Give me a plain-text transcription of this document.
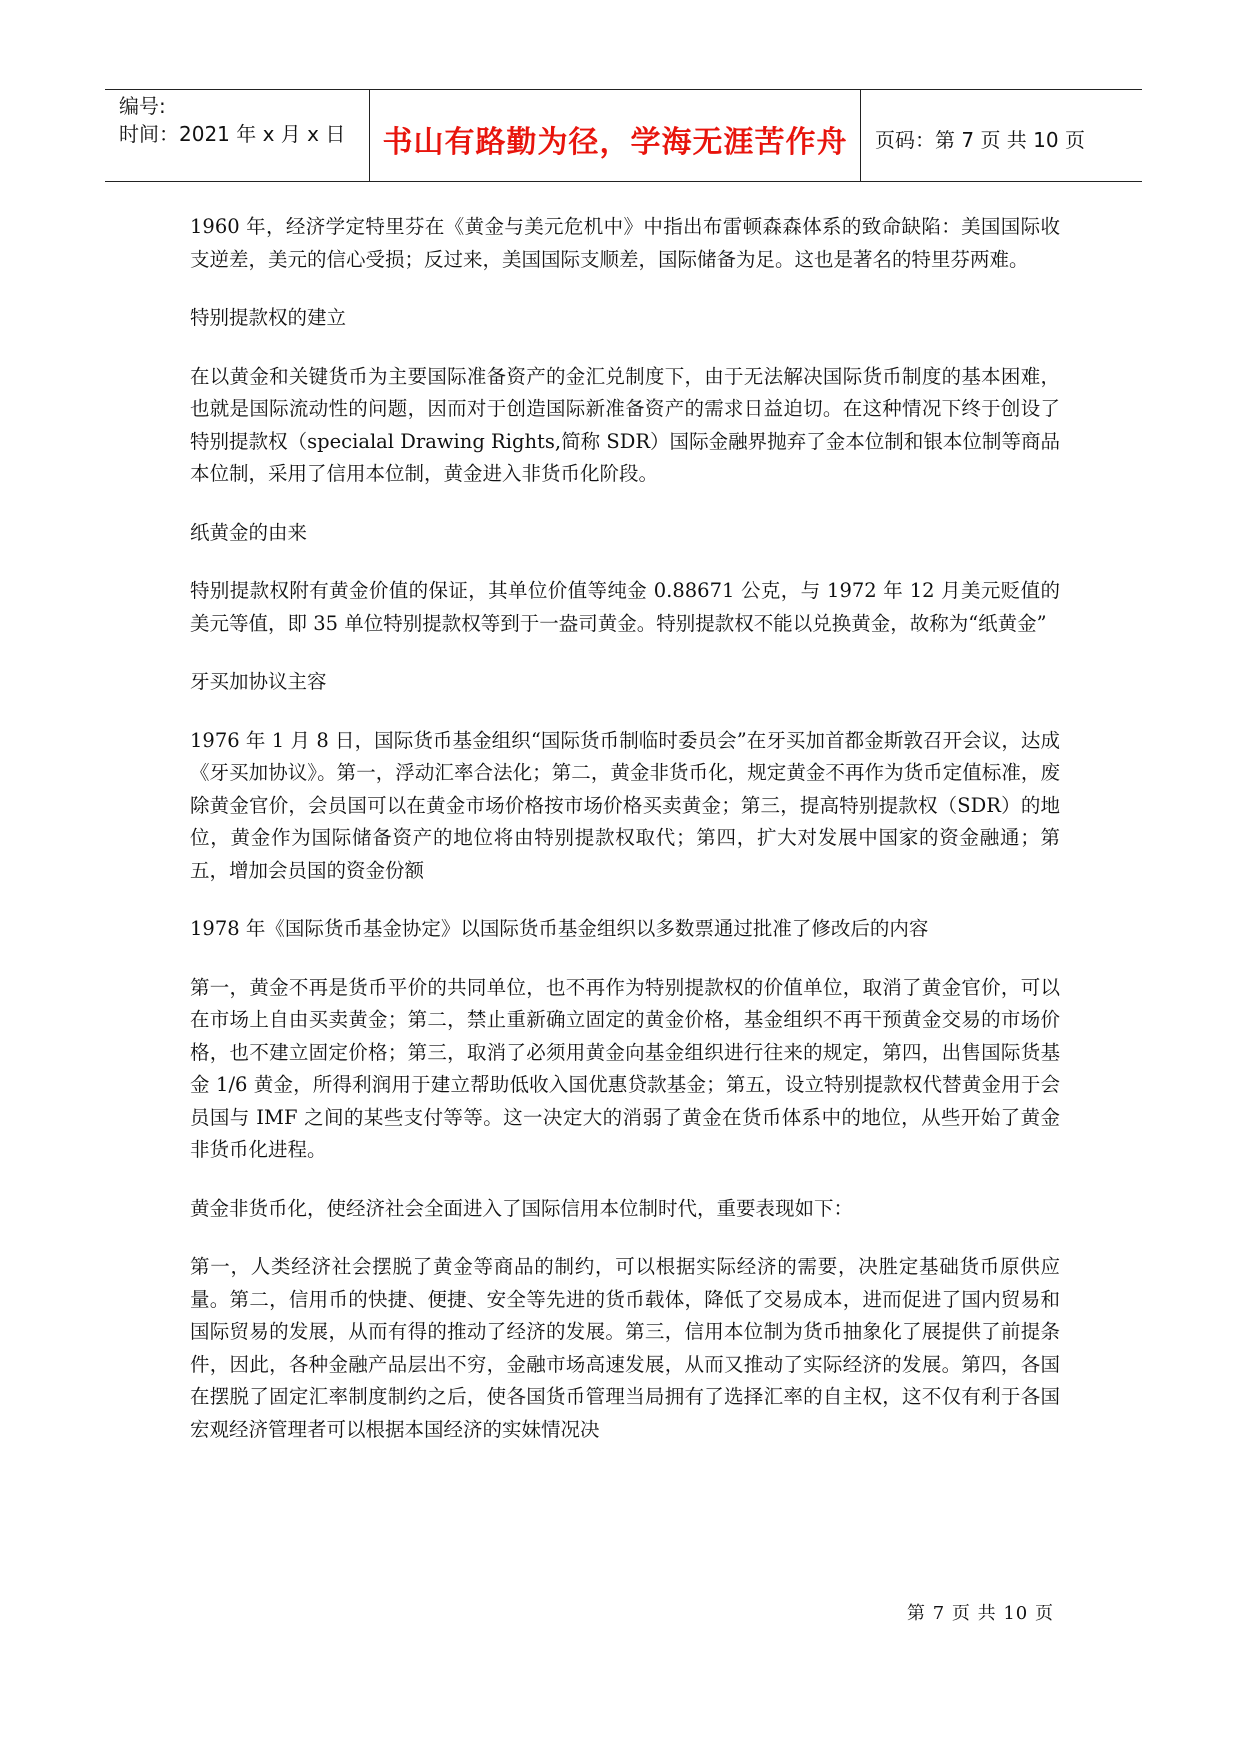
编号:
时间：2021 年 x 月 x 日	书山有路勤为径，学海无涯苦作舟 页码：第 7 页 共 10 页

1960 年，经济学定特里芬在《黄金与美元危机中》中指出布雷顿森森体系的致命缺陷：美国国际收支逆差，美元的信心受损；反过来，美国国际支顺差，国际储备为足。这也是著名的特里芬两难。

特别提款权的建立

在以黄金和关键货币为主要国际准备资产的金汇兑制度下，由于无法解决国际货币制度的基本困难，也就是国际流动性的问题，因而对于创造国际新准备资产的需求日益迫切。在这种情况下终于创设了特别提款权（specialal Drawing Rights,简称 SDR）国际金融界抛弃了金本位制和银本位制等商品本位制，采用了信用本位制，黄金进入非货币化阶段。

纸黄金的由来

特别提款权附有黄金价值的保证，其单位价值等纯金 0.88671 公克，与 1972 年 12 月美元贬值的美元等值，即 35 单位特别提款权等到于一盎司黄金。特别提款权不能以兑换黄金，故称为“纸黄金”

牙买加协议主容

1976 年 1 月 8 日，国际货币基金组织“国际货币制临时委员会”在牙买加首都金斯敦召开会议，达成《牙买加协议》。第一，浮动汇率合法化；第二，黄金非货币化，规定黄金不再作为货币定值标准，废除黄金官价，会员国可以在黄金市场价格按市场价格买卖黄金；第三，提高特别提款权（SDR）的地位，黄金作为国际储备资产的地位将由特别提款权取代；第四，扩大对发展中国家的资金融通；第五，增加会员国的资金份额

1978 年《国际货币基金协定》以国际货币基金组织以多数票通过批准了修改后的内容

第一，黄金不再是货币平价的共同单位，也不再作为特别提款权的价值单位，取消了黄金官价，可以在市场上自由买卖黄金；第二，禁止重新确立固定的黄金价格，基金组织不再干预黄金交易的市场价格，也不建立固定价格；第三，取消了必须用黄金向基金组织进行往来的规定，第四，出售国际货基金 1/6 黄金，所得利润用于建立帮助低收入国优惠贷款基金；第五，设立特别提款权代替黄金用于会员国与 IMF 之间的某些支付等等。这一决定大的消弱了黄金在货币体系中的地位，从些开始了黄金非货币化进程。

黄金非货币化，使经济社会全面进入了国际信用本位制时代，重要表现如下：

第一，人类经济社会摆脱了黄金等商品的制约，可以根据实际经济的需要，决胜定基础货币原供应量。第二，信用币的快捷、便捷、安全等先进的货币载体，降低了交易成本，进而促进了国内贸易和国际贸易的发展，从而有得的推动了经济的发展。第三，信用本位制为货币抽象化了展提供了前提条件，因此，各种金融产品层出不穷，金融市场高速发展，从而又推动了实际经济的发展。第四，各国在摆脱了固定汇率制度制约之后，使各国货币管理当局拥有了选择汇率的自主权，这不仅有利于各国宏观经济管理者可以根据本国经济的实妹情况决

第 7 页 共 10 页
